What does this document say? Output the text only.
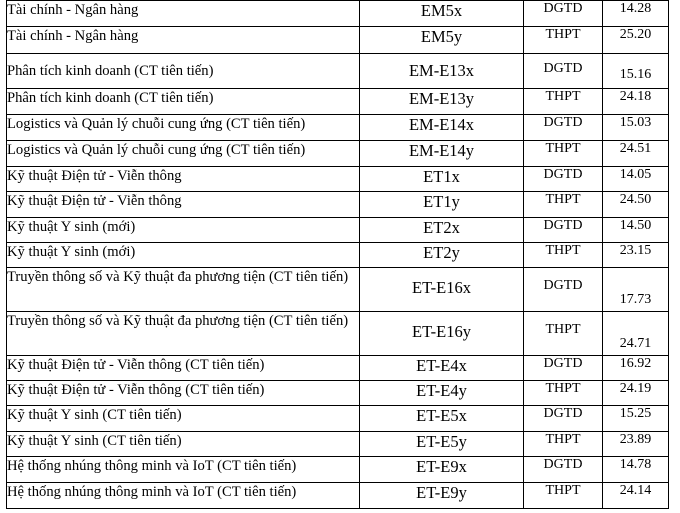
Tài chính - Ngân hàng	EM5x	DGTD	14.28
Tài chính - Ngân hàng	EM5y	THPT	25.20
Phân tích kinh doanh (CT tiên tiến)	EM-E13x	DGTD	15.16
Phân tích kinh doanh (CT tiên tiến)	EM-E13y	THPT	24.18
Logistics và Quản lý chuỗi cung ứng (CT tiên tiến)	EM-E14x	DGTD	15.03
Logistics và Quản lý chuỗi cung ứng (CT tiên tiến)	EM-E14y	THPT	24.51
Kỹ thuật Điện tử - Viễn thông	ET1x	DGTD	14.05
Kỹ thuật Điện tử - Viễn thông	ET1y	THPT	24.50
Kỹ thuật Y sinh (mới)	ET2x	DGTD	14.50
Kỹ thuật Y sinh (mới)	ET2y	THPT	23.15
Truyền thông số và Kỹ thuật đa phương tiện (CT tiên tiến)	ET-E16x	DGTD	17.73
Truyền thông số và Kỹ thuật đa phương tiện (CT tiên tiến)	ET-E16y	THPT	24.71
Kỹ thuật Điện tử - Viễn thông (CT tiên tiến)	ET-E4x	DGTD	16.92
Kỹ thuật Điện tử - Viễn thông (CT tiên tiến)	ET-E4y	THPT	24.19
Kỹ thuật Y sinh (CT tiên tiến)	ET-E5x	DGTD	15.25
Kỹ thuật Y sinh (CT tiên tiến)	ET-E5y	THPT	23.89
Hệ thống nhúng thông minh và IoT (CT tiên tiến)	ET-E9x	DGTD	14.78
Hệ thống nhúng thông minh và IoT (CT tiên tiến)	ET-E9y	THPT	24.14
